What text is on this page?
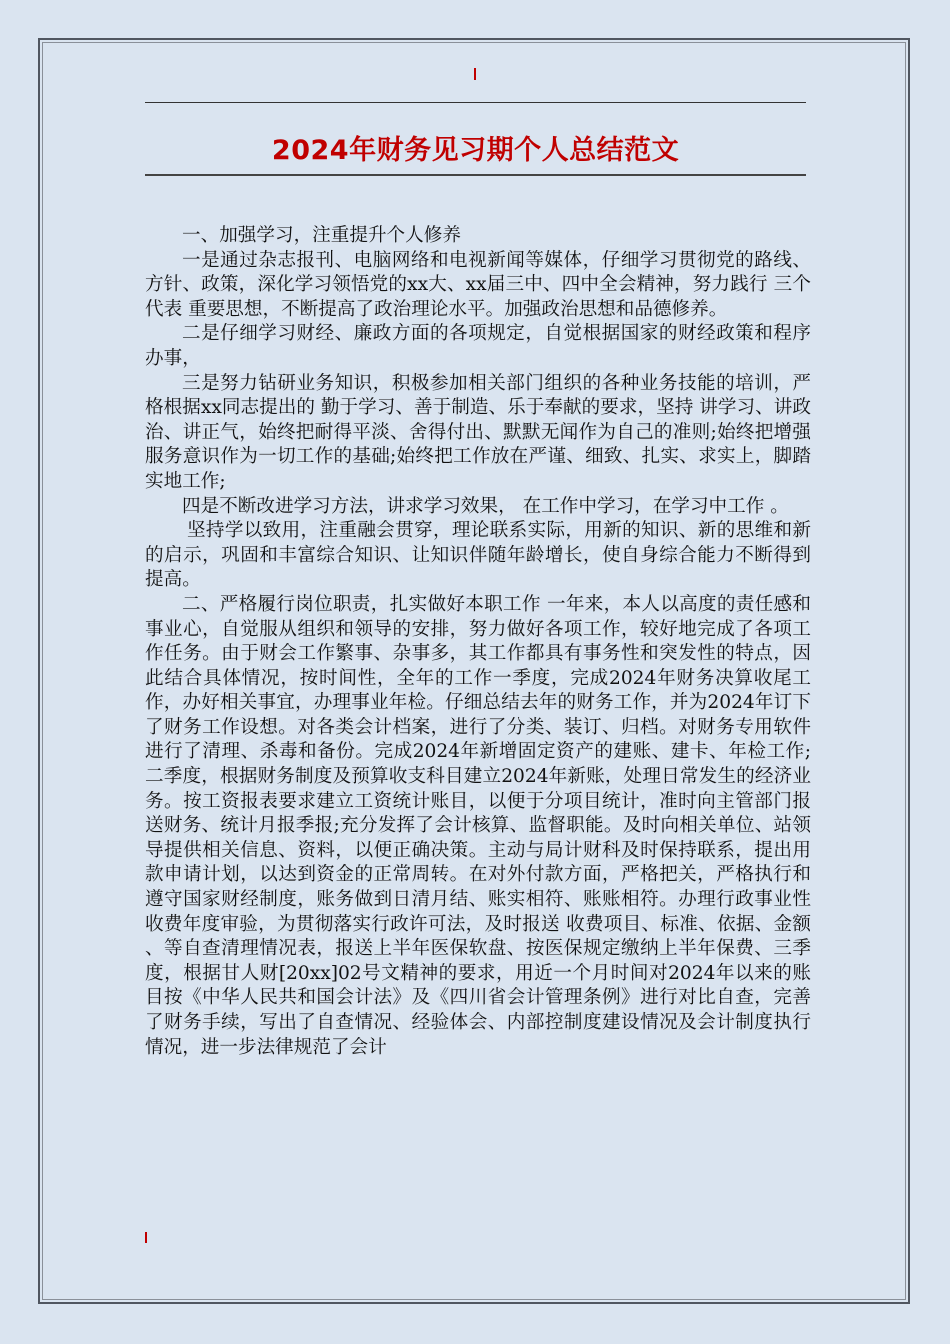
2024年财务见习期个人总结范文

一、加强学习，注重提升个人修养

一是通过杂志报刊、电脑网络和电视新闻等媒体，仔细学习贯彻党的路线、方针、政策，深化学习领悟党的xx大、xx届三中、四中全会精神，努力践行 三个代表 重要思想，不断提高了政治理论水平。加强政治思想和品德修养。

二是仔细学习财经、廉政方面的各项规定，自觉根据国家的财经政策和程序办事，

三是努力钻研业务知识，积极参加相关部门组织的各种业务技能的培训，严格根据xx同志提出的 勤于学习、善于制造、乐于奉献的要求，坚持 讲学习、讲政治、讲正气，始终把耐得平淡、舍得付出、默默无闻作为自己的准则;始终把增强服务意识作为一切工作的基础;始终把工作放在严谨、细致、扎实、求实上，脚踏实地工作;

四是不断改进学习方法，讲求学习效果， 在工作中学习，在学习中工作 。

坚持学以致用，注重融会贯穿，理论联系实际，用新的知识、新的思维和新的启示，巩固和丰富综合知识、让知识伴随年龄增长，使自身综合能力不断得到提高。

二、严格履行岗位职责，扎实做好本职工作 一年来，本人以高度的责任感和事业心，自觉服从组织和领导的安排，努力做好各项工作，较好地完成了各项工作任务。由于财会工作繁事、杂事多，其工作都具有事务性和突发性的特点，因此结合具体情况，按时间性，全年的工作一季度，完成2024年财务决算收尾工作，办好相关事宜，办理事业年检。仔细总结去年的财务工作，并为2024年订下了财务工作设想。对各类会计档案，进行了分类、装订、归档。对财务专用软件进行了清理、杀毒和备份。完成2024年新增固定资产的建账、建卡、年检工作;二季度，根据财务制度及预算收支科目建立2024年新账，处理日常发生的经济业务。按工资报表要求建立工资统计账目，以便于分项目统计，准时向主管部门报送财务、统计月报季报;充分发挥了会计核算、监督职能。及时向相关单位、站领导提供相关信息、资料，以便正确决策。主动与局计财科及时保持联系，提出用款申请计划，以达到资金的正常周转。在对外付款方面，严格把关，严格执行和遵守国家财经制度，账务做到日清月结、账实相符、账账相符。办理行政事业性收费年度审验，为贯彻落实行政许可法，及时报送 收费项目、标准、依据、金额 、等自查清理情况表，报送上半年医保软盘、按医保规定缴纳上半年保费、三季度，根据甘人财[20xx]02号文精神的要求，用近一个月时间对2024年以来的账目按《中华人民共和国会计法》及《四川省会计管理条例》进行对比自查，完善了财务手续，写出了自查情况、经验体会、内部控制度建设情况及会计制度执行情况，进一步法律规范了会计
